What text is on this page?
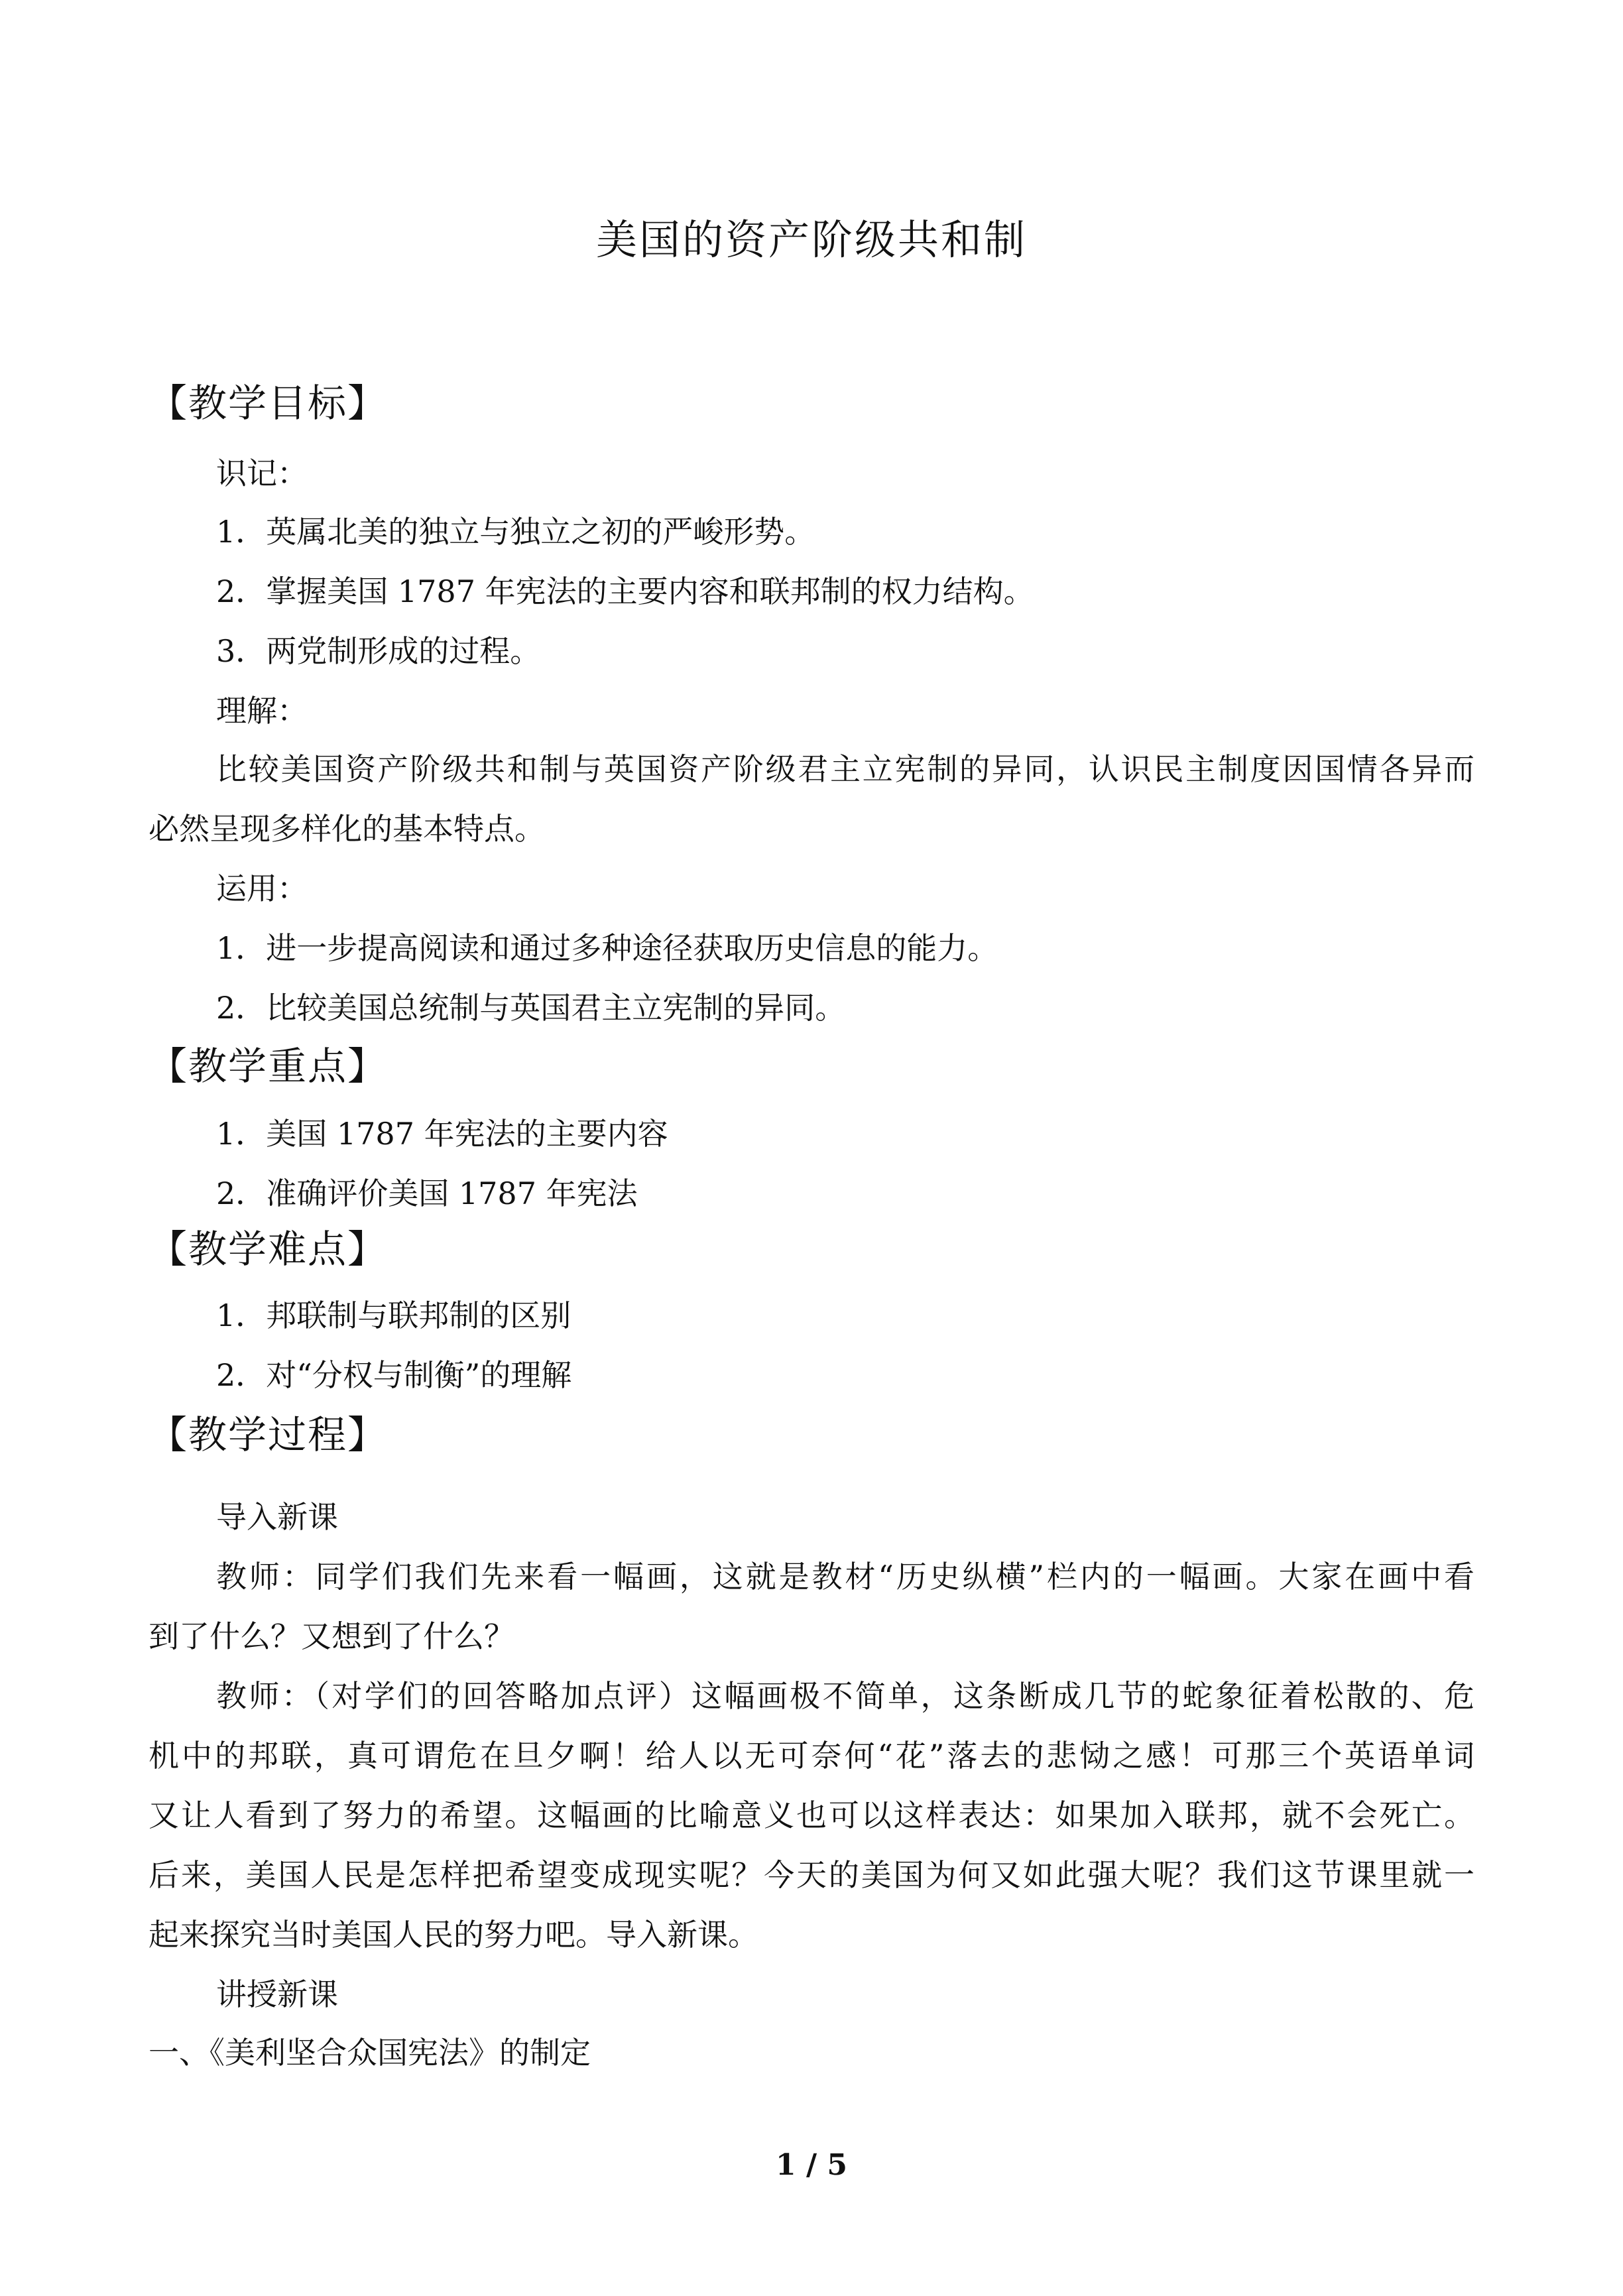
美国的资产阶级共和制
【教学目标】

识记：

1．英属北美的独立与独立之初的严峻形势。

2．掌握美国 1787 年宪法的主要内容和联邦制的权力结构。

3．两党制形成的过程。

理解：

比较美国资产阶级共和制与英国资产阶级君主立宪制的异同，认识民主制度因国情各异而

必然呈现多样化的基本特点。

运用：

1．进一步提高阅读和通过多种途径获取历史信息的能力。

2．比较美国总统制与英国君主立宪制的异同。

【教学重点】

1．美国 1787 年宪法的主要内容

2．准确评价美国 1787 年宪法

【教学难点】

1．邦联制与联邦制的区别

2．对“分权与制衡”的理解

【教学过程】

导入新课

教师：同学们我们先来看一幅画，这就是教材“历史纵横”栏内的一幅画。大家在画中看

到了什么？又想到了什么？

教师：（对学们的回答略加点评）这幅画极不简单，这条断成几节的蛇象征着松散的、危

机中的邦联，真可谓危在旦夕啊！给人以无可奈何“花”落去的悲恸之感！可那三个英语单词

又让人看到了努力的希望。这幅画的比喻意义也可以这样表达：如果加入联邦，就不会死亡。

后来，美国人民是怎样把希望变成现实呢？今天的美国为何又如此强大呢？我们这节课里就一

起来探究当时美国人民的努力吧。导入新课。

讲授新课

一、《美利坚合众国宪法》的制定

1 / 5
